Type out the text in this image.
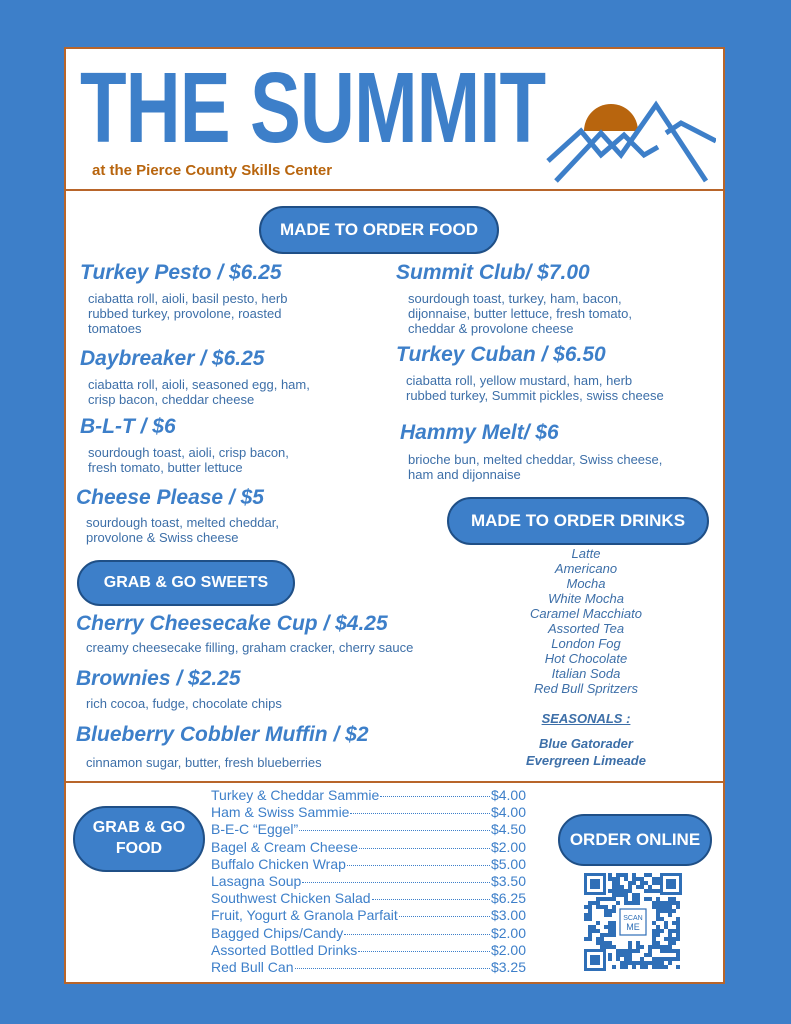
THE SUMMIT
at the Pierce County Skills Center
MADE TO ORDER FOOD
Turkey Pesto / $6.25
ciabatta roll, aioli, basil pesto, herb
rubbed turkey, provolone, roasted
tomatoes
Daybreaker / $6.25
ciabatta roll, aioli, seasoned egg, ham,
crisp bacon, cheddar cheese
B-L-T / $6
sourdough toast, aioli, crisp bacon,
fresh tomato, butter lettuce
Cheese Please / $5
sourdough toast, melted cheddar,
provolone & Swiss cheese
Summit Club/ $7.00
sourdough toast, turkey, ham, bacon,
dijonnaise, butter lettuce, fresh tomato,
cheddar & provolone cheese
Turkey Cuban / $6.50
ciabatta roll, yellow mustard, ham, herb
rubbed turkey, Summit pickles, swiss cheese
Hammy Melt/ $6
brioche bun, melted cheddar, Swiss cheese,
ham and dijonnaise
MADE TO ORDER DRINKS
Latte
Americano
Mocha
White Mocha
Caramel Macchiato
Assorted Tea
London Fog
Hot Chocolate
Italian Soda
Red Bull Spritzers
SEASONALS :
Blue Gatorader
Evergreen Limeade
GRAB & GO SWEETS
Cherry Cheesecake Cup / $4.25
creamy cheesecake filling, graham cracker, cherry sauce
Brownies / $2.25
rich cocoa, fudge, chocolate chips
Blueberry Cobbler Muffin / $2
cinnamon sugar, butter, fresh blueberries
GRAB & GO FOOD
Turkey & Cheddar Sammie	$4.00
Ham & Swiss Sammie	$4.00
B-E-C “Eggel”	$4.50
Bagel & Cream Cheese	$2.00
Buffalo Chicken Wrap	$5.00
Lasagna Soup	$3.50
Southwest Chicken Salad	$6.25
Fruit, Yogurt & Granola Parfait	$3.00
Bagged Chips/Candy	$2.00
Assorted Bottled Drinks	$2.00
Red Bull Can	$3.25
ORDER ONLINE
SCAN
ME
